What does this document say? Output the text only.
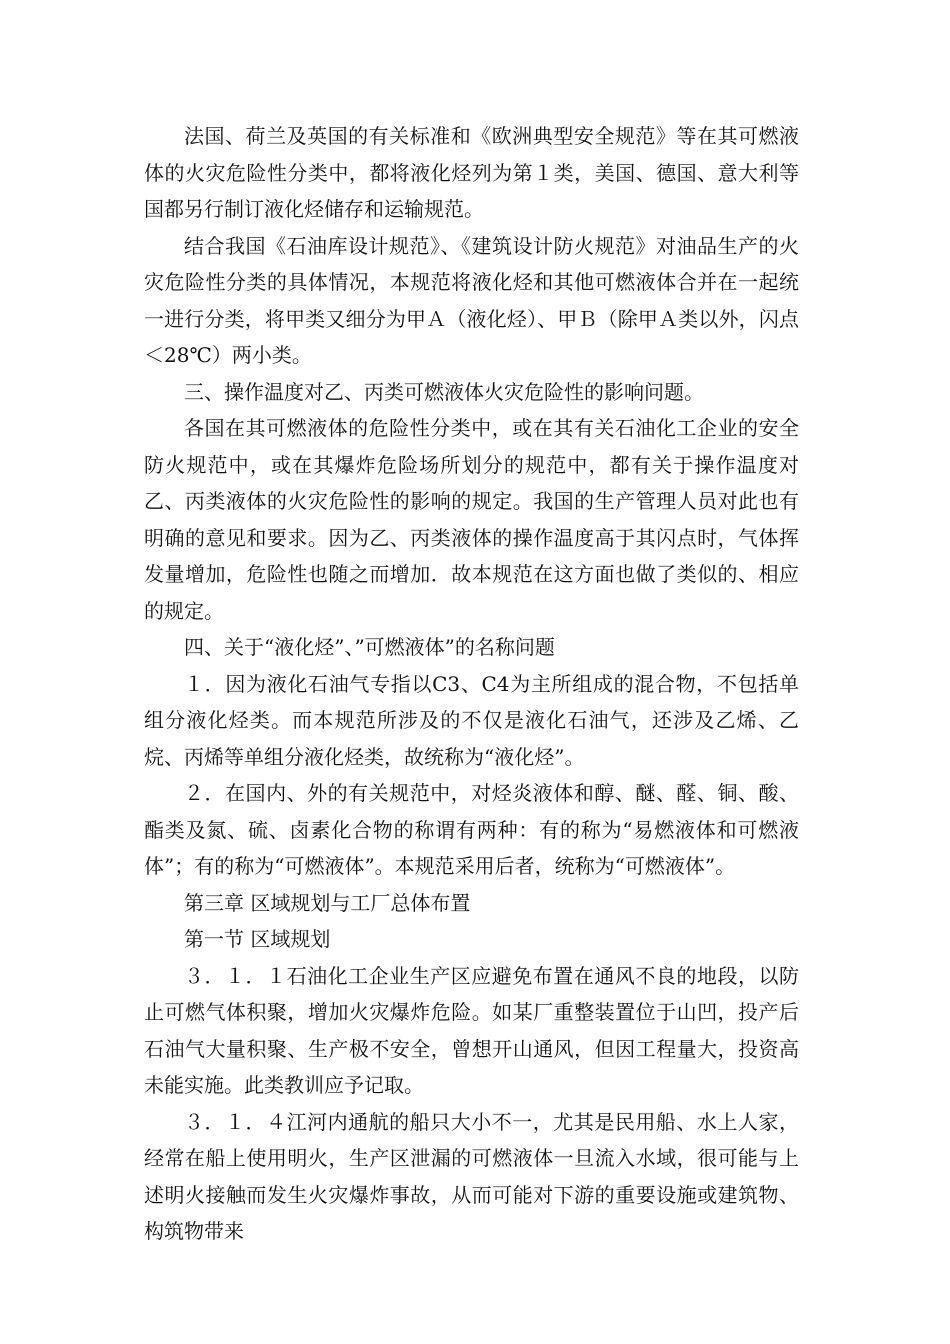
法国、荷兰及英国的有关标准和《欧洲典型安全规范》等在其可燃液体的火灾危险性分类中，都将液化烃列为第１类，美国、德国、意大利等国都另行制订液化烃储存和运输规范。

结合我国《石油库设计规范》、《建筑设计防火规范》对油品生产的火灾危险性分类的具体情况，本规范将液化烃和其他可燃液体合并在一起统一进行分类，将甲类又细分为甲Ａ（液化烃）、甲Ｂ（除甲Ａ类以外，闪点＜28℃）两小类。

三、操作温度对乙、丙类可燃液体火灾危险性的影响问题。

各国在其可燃液体的危险性分类中，或在其有关石油化工企业的安全防火规范中，或在其爆炸危险场所划分的规范中，都有关于操作温度对乙、丙类液体的火灾危险性的影响的规定。我国的生产管理人员对此也有明确的意见和要求。因为乙、丙类液体的操作温度高于其闪点时，气体挥发量增加，危险性也随之而增加．故本规范在这方面也做了类似的、相应的规定。

四、关于“液化烃”、”可燃液体”的名称问题

１．因为液化石油气专指以C3、C4为主所组成的混合物，不包括单组分液化烃类。而本规范所涉及的不仅是液化石油气，还涉及乙烯、乙烷、丙烯等单组分液化烃类，故统称为“液化烃”。

２．在国内、外的有关规范中，对烃炎液体和醇、醚、醛、铜、酸、酯类及氮、硫、卤素化合物的称谓有两种：有的称为“易燃液体和可燃液体”；有的称为“可燃液体”。本规范采用后者，统称为“可燃液体”。

第三章 区域规划与工厂总体布置

第一节 区域规划

３．１．１石油化工企业生产区应避免布置在通风不良的地段，以防止可燃气体积聚，增加火灾爆炸危险。如某厂重整装置位于山凹，投产后石油气大量积聚、生产极不安全，曾想开山通风，但因工程量大，投资高未能实施。此类教训应予记取。

３．１．４江河内通航的船只大小不一，尤其是民用船、水上人家，经常在船上使用明火，生产区泄漏的可燃液体一旦流入水域，很可能与上述明火接触而发生火灾爆炸事故，从而可能对下游的重要设施或建筑物、构筑物带来
